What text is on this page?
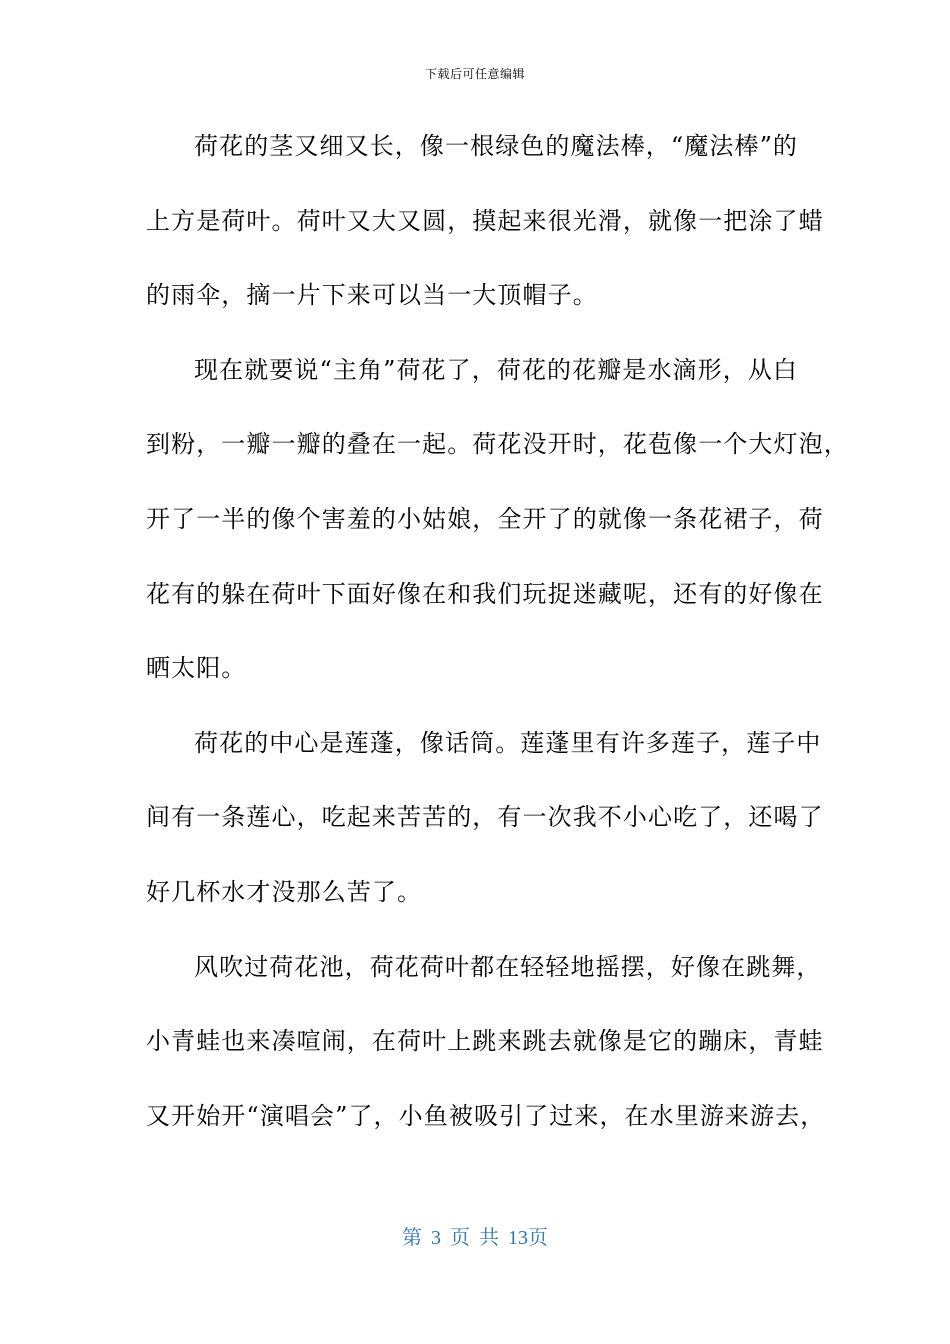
下载后可任意编辑
荷花的茎又细又长，像一根绿色的魔法棒，“魔法棒”的
上方是荷叶。荷叶又大又圆，摸起来很光滑，就像一把涂了蜡
的雨伞，摘一片下来可以当一大顶帽子。
现在就要说“主角”荷花了，荷花的花瓣是水滴形，从白
到粉，一瓣一瓣的叠在一起。荷花没开时，花苞像一个大灯泡，
开了一半的像个害羞的小姑娘，全开了的就像一条花裙子，荷
花有的躲在荷叶下面好像在和我们玩捉迷藏呢，还有的好像在
晒太阳。
荷花的中心是莲蓬，像话筒。莲蓬里有许多莲子，莲子中
间有一条莲心，吃起来苦苦的，有一次我不小心吃了，还喝了
好几杯水才没那么苦了。
风吹过荷花池，荷花荷叶都在轻轻地摇摆，好像在跳舞，
小青蛙也来凑喧闹，在荷叶上跳来跳去就像是它的蹦床，青蛙
又开始开“演唱会”了，小鱼被吸引了过来，在水里游来游去，
第 3 页 共 13页
